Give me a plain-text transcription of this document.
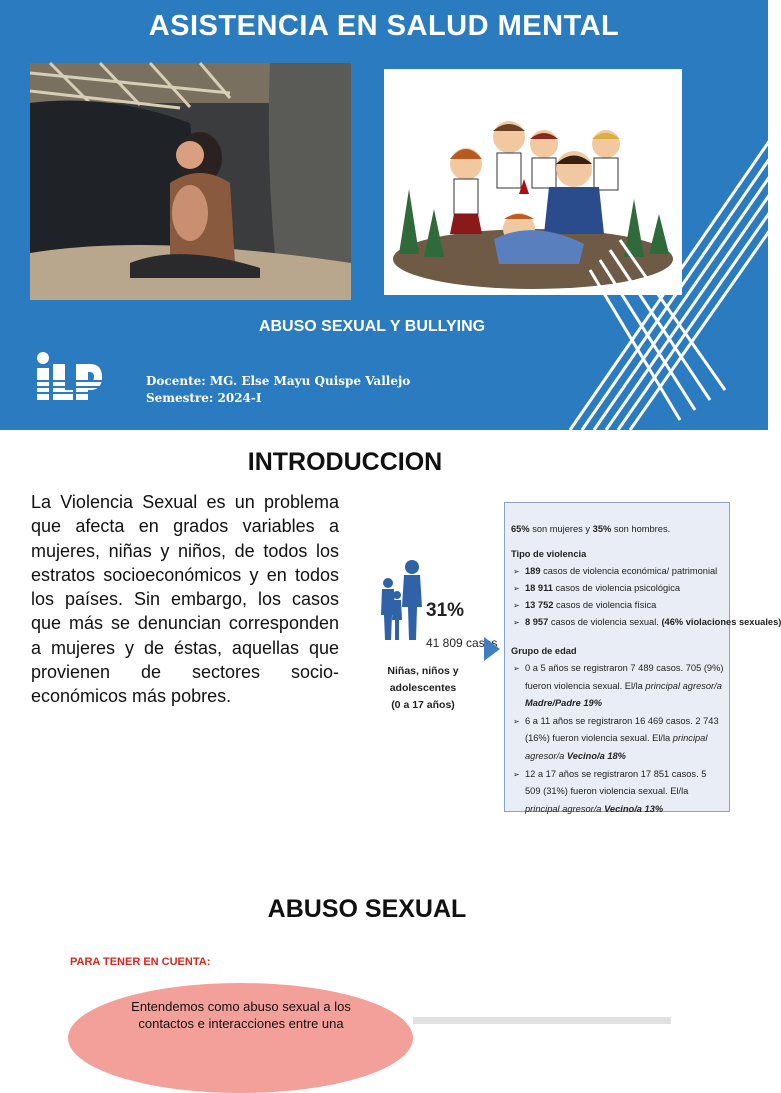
ASISTENCIA EN SALUD MENTAL
ABUSO SEXUAL Y BULLYING
Docente: MG. Else Mayu Quispe Vallejo
Semestre: 2024-I
INTRODUCCION

La Violencia Sexual es un problema que afecta en grados variables a mujeres, niñas y niños, de todos los estratos socioeconómicos y en todos los países. Sin embargo, los casos que más se denuncian corresponden a mujeres y de éstas, aquellas que provienen de sectores socio-económicos más pobres.

31%
41 809 casos
Niñas, niños y adolescentes
(0 a 17 años)
65% son mujeres y 35% son hombres.
Tipo de violencia
➢ 189 casos de violencia económica/ patrimonial
➢ 18 911 casos de violencia psicológica
➢ 13 752 casos de violencia física
➢ 8 957 casos de violencia sexual. (46% violaciones sexuales)
Grupo de edad
➢ 0 a 5 años se registraron 7 489 casos. 705 (9%) fueron violencia sexual. El/la principal agresor/a Madre/Padre 19%
➢ 6 a 11 años se registraron 16 469 casos. 2 743 (16%) fueron violencia sexual. El/la principal agresor/a Vecino/a 18%
➢ 12 a 17 años se registraron 17 851 casos. 5 509 (31%) fueron violencia sexual. El/la principal agresor/a Vecino/a 13%
ABUSO SEXUAL
PARA TENER EN CUENTA:
Entendemos como abuso sexual a los contactos e interacciones entre una
